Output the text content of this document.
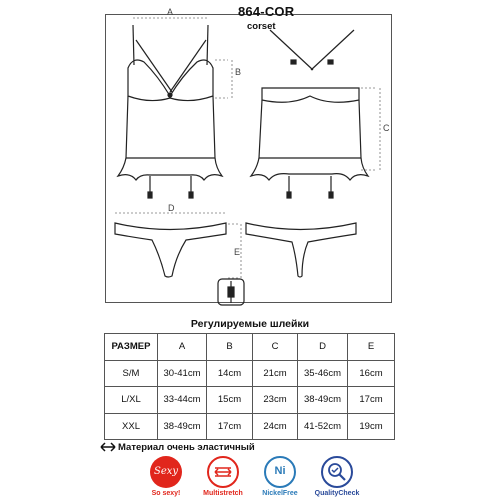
864-COR
corset
A
B
C
D
E
Регулируемые шлейки
РАЗМЕР	A	B	C	D	E
S/M	30-41cm	14cm	21cm	35-46cm	16cm
L/XL	33-44cm	15cm	23cm	38-49cm	17cm
XXL	38-49cm	17cm	24cm	41-52cm	19cm
Материал очень эластичный
Sexy
So sexy!	Multistretch
Ni
NickelFree	QualityCheck
